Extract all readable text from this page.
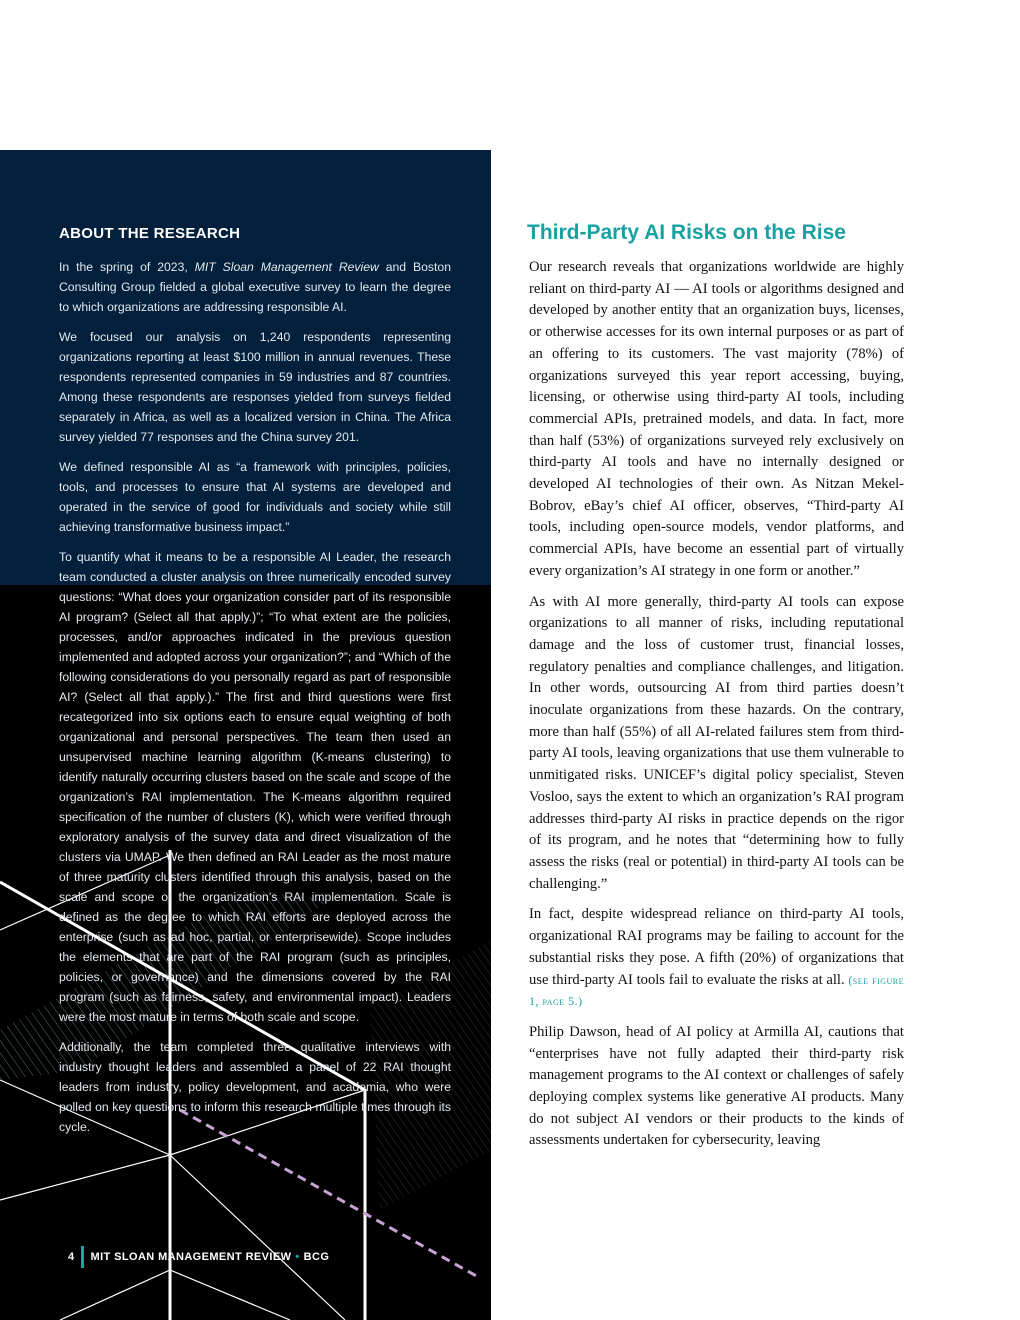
ABOUT THE RESEARCH

In the spring of 2023, MIT Sloan Management Review and Boston Consulting Group fielded a global executive survey to learn the degree to which organizations are addressing responsible AI.

We focused our analysis on 1,240 respondents representing organizations reporting at least $100 million in annual revenues. These respondents represented companies in 59 industries and 87 countries. Among these respondents are responses yielded from surveys fielded separately in Africa, as well as a localized version in China. The Africa survey yielded 77 responses and the China survey 201.

We defined responsible AI as “a framework with principles, policies, tools, and processes to ensure that AI systems are developed and operated in the service of good for individuals and society while still achieving transformative business impact.”

To quantify what it means to be a responsible AI Leader, the research team conducted a cluster analysis on three numerically encoded survey questions: “What does your organization consider part of its responsible AI program? (Select all that apply.)”; “To what extent are the policies, processes, and/or approaches indicated in the previous question implemented and adopted across your organization?”; and “Which of the following considerations do you personally regard as part of responsible AI? (Select all that apply.).” The first and third questions were first recategorized into six options each to ensure equal weighting of both organizational and personal perspectives. The team then used an unsupervised machine learning algorithm (K-means clustering) to identify naturally occurring clusters based on the scale and scope of the organization’s RAI implementation. The K-means algorithm required specification of the number of clusters (K), which were verified through exploratory analysis of the survey data and direct visualization of the clusters via UMAP. We then defined an RAI Leader as the most mature of three maturity clusters identified through this analysis, based on the scale and scope of the organization’s RAI implementation. Scale is defined as the degree to which RAI efforts are deployed across the enterprise (such as ad hoc, partial, or enterprisewide). Scope includes the elements that are part of the RAI program (such as principles, policies, or governance) and the dimensions covered by the RAI program (such as fairness, safety, and environmental impact). Leaders were the most mature in terms of both scale and scope.

Additionally, the team completed three qualitative interviews with industry thought leaders and assembled a panel of 22 RAI thought leaders from industry, policy development, and academia, who were polled on key questions to inform this research multiple times through its cycle.

4 MIT SLOAN MANAGEMENT REVIEW • BCG
Third-Party AI Risks on the Rise

Our research reveals that organizations worldwide are highly reliant on third-party AI — AI tools or algorithms designed and developed by another entity that an organization buys, licenses, or otherwise accesses for its own internal purposes or as part of an offering to its customers. The vast majority (78%) of organizations surveyed this year report accessing, buying, licensing, or otherwise using third-party AI tools, including commercial APIs, pretrained models, and data. In fact, more than half (53%) of organizations surveyed rely exclusively on third-party AI tools and have no internally designed or developed AI technologies of their own. As Nitzan Mekel-Bobrov, eBay’s chief AI officer, observes, “Third-party AI tools, including open-source models, vendor platforms, and commercial APIs, have become an essential part of virtually every organization’s AI strategy in one form or another.”

As with AI more generally, third-party AI tools can expose organizations to all manner of risks, including reputational damage and the loss of customer trust, financial losses, regulatory penalties and compliance challenges, and litigation. In other words, outsourcing AI from third parties doesn’t inoculate organizations from these hazards. On the contrary, more than half (55%) of all AI-related failures stem from third-party AI tools, leaving organizations that use them vulnerable to unmitigated risks. UNICEF’s digital policy specialist, Steven Vosloo, says the extent to which an organization’s RAI program addresses third-party AI risks in practice depends on the rigor of its program, and he notes that “determining how to fully assess the risks (real or potential) in third-party AI tools can be challenging.”

In fact, despite widespread reliance on third-party AI tools, organizational RAI programs may be failing to account for the substantial risks they pose. A fifth (20%) of organizations that use third-party AI tools fail to evaluate the risks at all. (see figure 1, page 5.)

Philip Dawson, head of AI policy at Armilla AI, cautions that “enterprises have not fully adapted their third-party risk management programs to the AI context or challenges of safely deploying complex systems like generative AI products. Many do not subject AI vendors or their products to the kinds of assessments undertaken for cybersecurity, leaving
